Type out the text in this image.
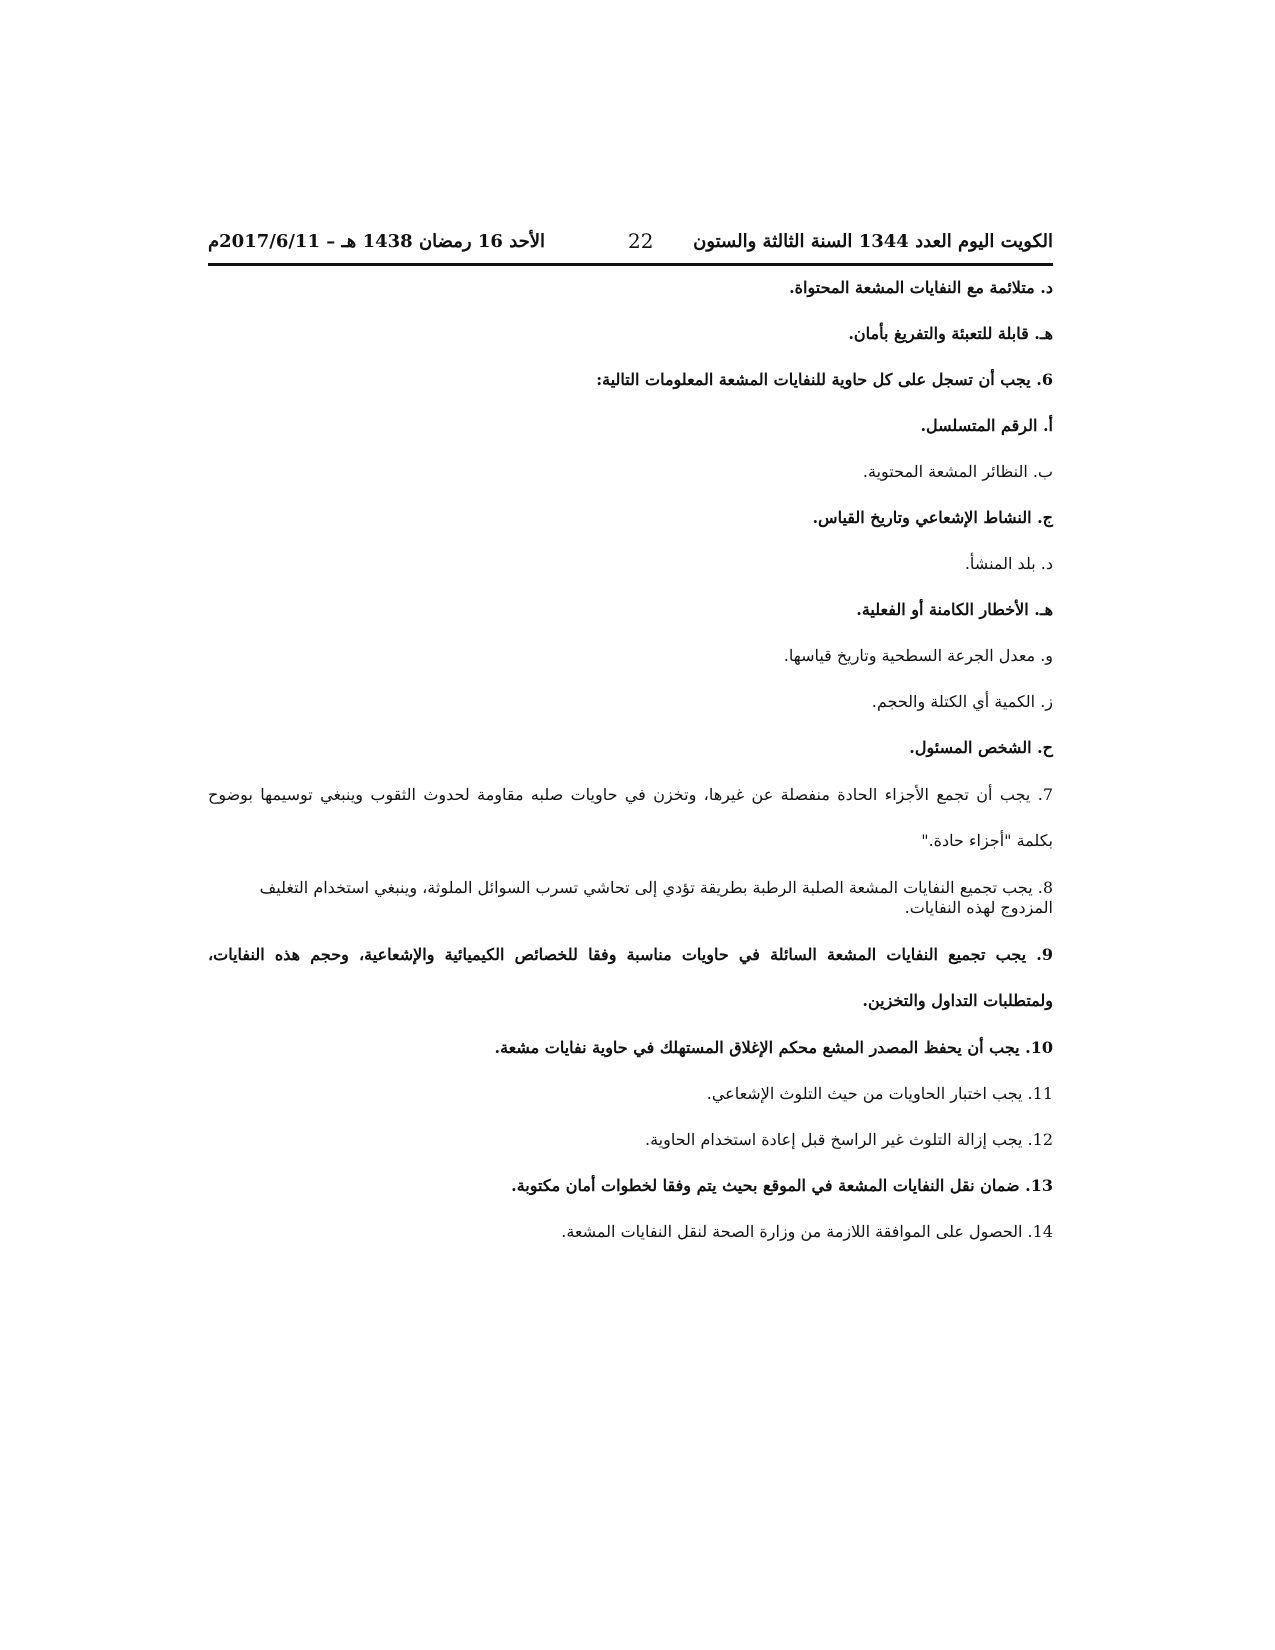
الأحد 16 رمضان 1438 هـ – 2017/6/11م	22 الكويت اليوم العدد 1344 السنة الثالثة والستون

د. متلائمة مع النفايات المشعة المحتواة.

هـ. قابلة للتعبئة والتفريغ بأمان.

6. يجب أن تسجل على كل حاوية للنفايات المشعة المعلومات التالية:

أ. الرقم المتسلسل.

ب. النظائر المشعة المحتوية.

ج. النشاط الإشعاعي وتاريخ القياس.

د. بلد المنشأ.

هـ. الأخطار الكامنة أو الفعلية.

و. معدل الجرعة السطحية وتاريخ قياسها.

ز. الكمية أي الكتلة والحجم.

ح. الشخص المسئول.

7. يجب أن تجمع الأجزاء الحادة منفصلة عن غيرها، وتخزن في حاويات صلبه مقاومة لحدوث الثقوب وينبغي توسيمها بوضوح بكلمة "أجزاء حادة."

8. يجب تجميع النفايات المشعة الصلبة الرطبة بطريقة تؤدي إلى تحاشي تسرب السوائل الملوثة، وينبغي استخدام التغليف المزدوج لهذه النفايات.

9. يجب تجميع النفايات المشعة السائلة في حاويات مناسبة وفقا للخصائص الكيميائية والإشعاعية، وحجم هذه النفايات، ولمتطلبات التداول والتخزين.

10. يجب أن يحفظ المصدر المشع محكم الإغلاق المستهلك في حاوية نفايات مشعة.

11. يجب اختبار الحاويات من حيث التلوث الإشعاعي.

12. يجب إزالة التلوث غير الراسخ قبل إعادة استخدام الحاوية.

13. ضمان نقل النفايات المشعة في الموقع بحيث يتم وفقا لخطوات أمان مكتوبة.

14. الحصول على الموافقة اللازمة من وزارة الصحة لنقل النفايات المشعة.
